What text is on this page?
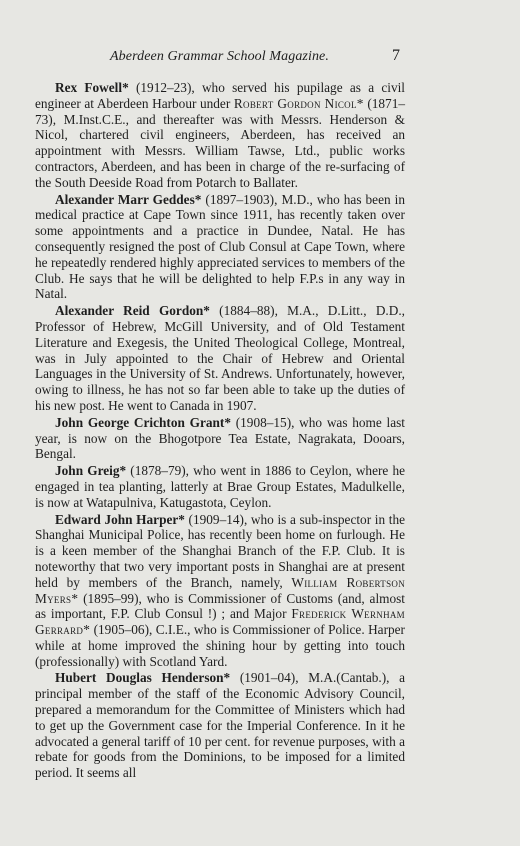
Aberdeen Grammar School Magazine.	7

Rex Fowell* (1912–23), who served his pupilage as a civil engineer at Aberdeen Harbour under Robert Gordon Nicol* (1871–73), M.Inst.C.E., and thereafter was with Messrs. Henderson & Nicol, chartered civil engineers, Aberdeen, has received an appointment with Messrs. William Tawse, Ltd., public works contractors, Aberdeen, and has been in charge of the re-surfacing of the South Deeside Road from Potarch to Ballater.

Alexander Marr Geddes* (1897–1903), M.D., who has been in medical practice at Cape Town since 1911, has recently taken over some appointments and a practice in Dundee, Natal. He has consequently resigned the post of Club Consul at Cape Town, where he repeatedly rendered highly appreciated services to members of the Club. He says that he will be delighted to help F.P.s in any way in Natal.

Alexander Reid Gordon* (1884–88), M.A., D.Litt., D.D., Professor of Hebrew, McGill University, and of Old Testament Literature and Exegesis, the United Theological College, Montreal, was in July appointed to the Chair of Hebrew and Oriental Languages in the University of St. Andrews. Unfortunately, however, owing to illness, he has not so far been able to take up the duties of his new post. He went to Canada in 1907.

John George Crichton Grant* (1908–15), who was home last year, is now on the Bhogotpore Tea Estate, Nagrakata, Dooars, Bengal.

John Greig* (1878–79), who went in 1886 to Ceylon, where he engaged in tea planting, latterly at Brae Group Estates, Madulkelle, is now at Watapulniva, Katugastota, Ceylon.

Edward John Harper* (1909–14), who is a sub-inspector in the Shanghai Municipal Police, has recently been home on furlough. He is a keen member of the Shanghai Branch of the F.P. Club. It is noteworthy that two very important posts in Shanghai are at present held by members of the Branch, namely, William Robertson Myers* (1895–99), who is Commissioner of Customs (and, almost as important, F.P. Club Consul !) ; and Major Frederick Wernham Gerrard* (1905–06), C.I.E., who is Commissioner of Police. Harper while at home improved the shining hour by getting into touch (professionally) with Scotland Yard.

Hubert Douglas Henderson* (1901–04), M.A.(Cantab.), a principal member of the staff of the Economic Advisory Council, prepared a memorandum for the Committee of Ministers which had to get up the Government case for the Imperial Conference. In it he advocated a general tariff of 10 per cent. for revenue purposes, with a rebate for goods from the Dominions, to be imposed for a limited period. It seems all
